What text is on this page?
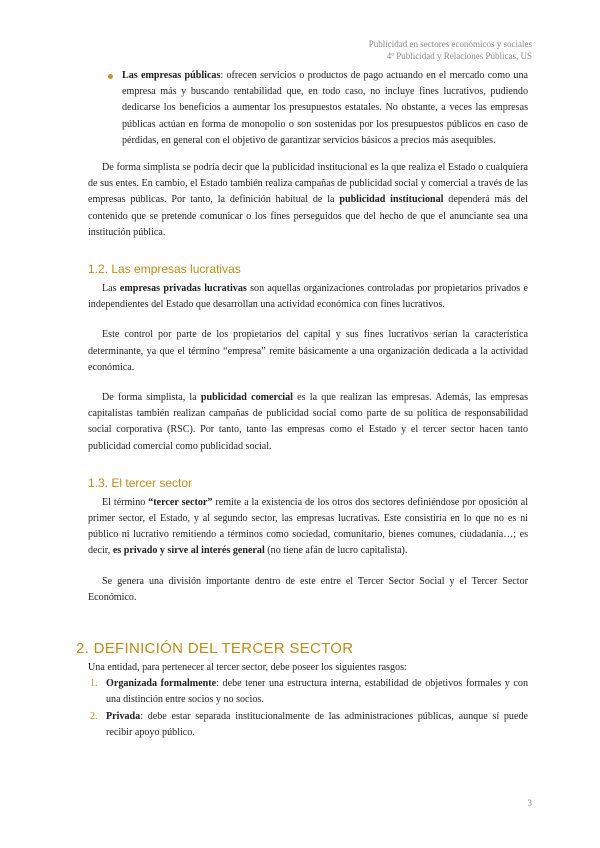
Publicidad en sectores económicos y sociales
4º Publicidad y Relaciones Públicas, US
Las empresas públicas: ofrecen servicios o productos de pago actuando en el mercado como una empresa más y buscando rentabilidad que, en todo caso, no incluye fines lucrativos, pudiendo dedicarse los beneficios a aumentar los presupuestos estatales. No obstante, a veces las empresas públicas actúan en forma de monopolio o son sostenidas por los presupuestos públicos en caso de pérdidas, en general con el objetivo de garantizar servicios básicos a precios más asequibles.

De forma simplista se podría decir que la publicidad institucional es la que realiza el Estado o cualquiera de sus entes. En cambio, el Estado también realiza campañas de publicidad social y comercial a través de las empresas públicas. Por tanto, la definición habitual de la publicidad institucional dependerá más del contenido que se pretende comunicar o los fines perseguidos que del hecho de que el anunciante sea una institución pública.

1.2. Las empresas lucrativas

Las empresas privadas lucrativas son aquellas organizaciones controladas por propietarios privados e independientes del Estado que desarrollan una actividad económica con fines lucrativos.

Este control por parte de los propietarios del capital y sus fines lucrativos serían la característica determinante, ya que el término “empresa” remite básicamente a una organización dedicada a la actividad económica.

De forma simplista, la publicidad comercial es la que realizan las empresas. Además, las empresas capitalistas también realizan campañas de publicidad social como parte de su política de responsabilidad social corporativa (RSC). Por tanto, tanto las empresas como el Estado y el tercer sector hacen tanto publicidad comercial como publicidad social.

1.3. El tercer sector

El término “tercer sector” remite a la existencia de los otros dos sectores definiéndose por oposición al primer sector, el Estado, y al segundo sector, las empresas lucrativas. Este consistiría en lo que no es ni público ni lucrativo remitiendo a términos como sociedad, comunitario, bienes comunes, ciudadanía…; es decir, es privado y sirve al interés general (no tiene afán de lucro capitalista).

Se genera una división importante dentro de este entre el Tercer Sector Social y el Tercer Sector Económico.

2. DEFINICIÓN DEL TERCER SECTOR

Una entidad, para pertenecer al tercer sector, debe poseer los siguientes rasgos:

1. Organizada formalmente: debe tener una estructura interna, estabilidad de objetivos formales y con una distinción entre socios y no socios.
2. Privada: debe estar separada institucionalmente de las administraciones públicas, aunque sí puede recibir apoyo público.
3
